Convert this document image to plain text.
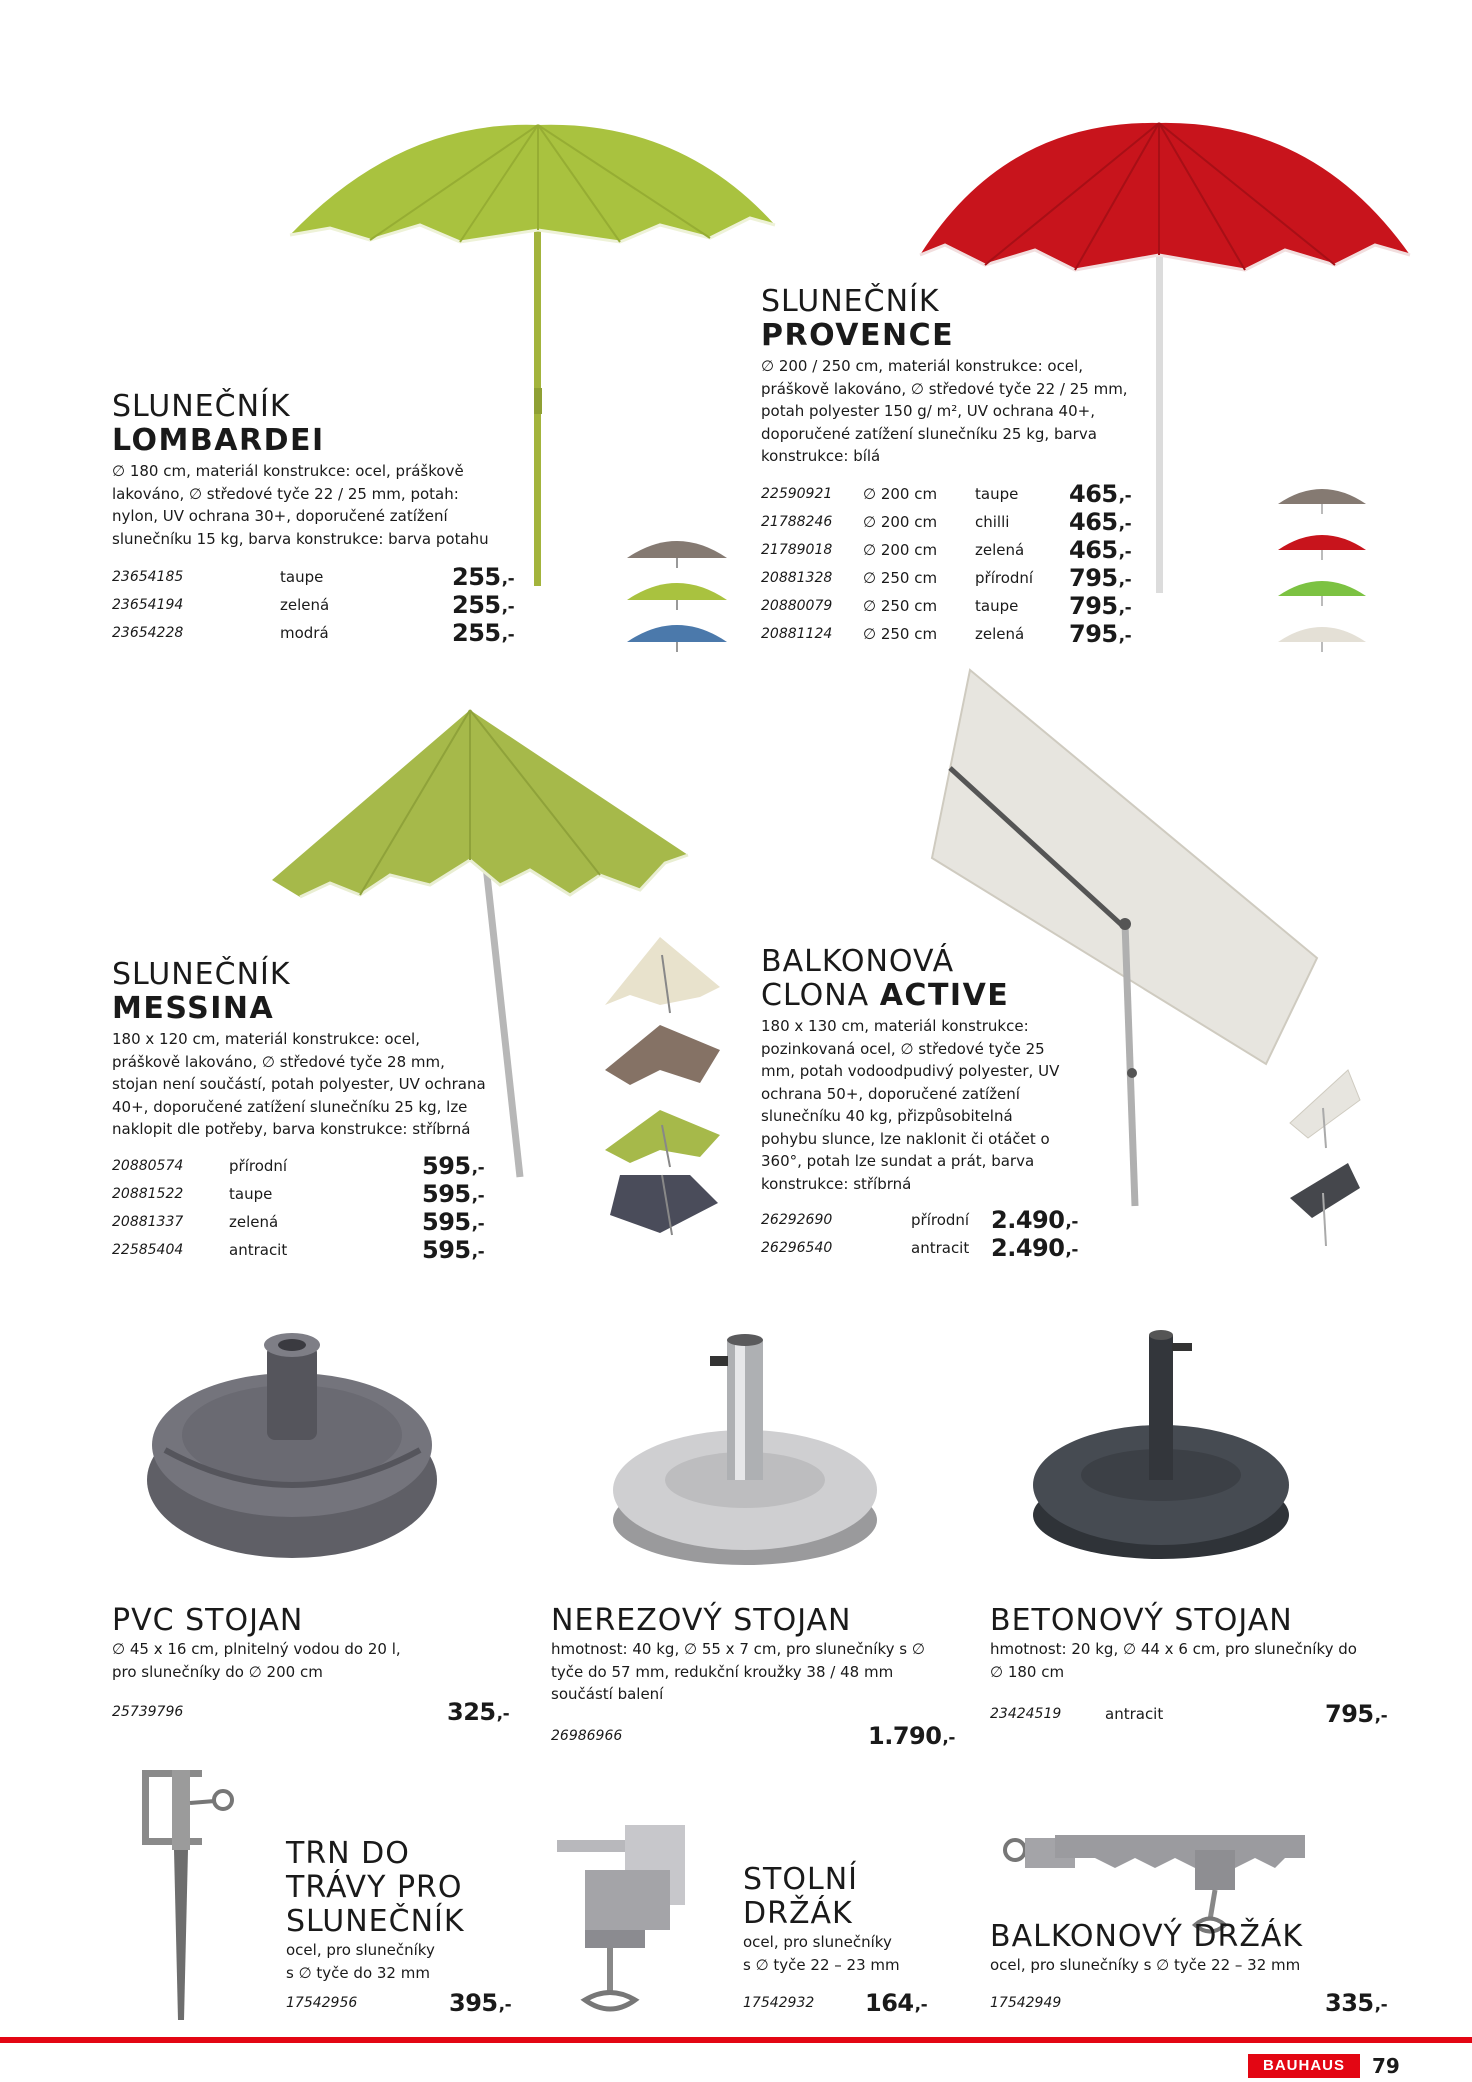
SLUNEČNÍK
LOMBARDEI
∅ 180 cm, materiál konstrukce: ocel, práškově lakováno, ∅ středové tyče 22 / 25 mm, potah: nylon, UV ochrana 30+, doporučené zatížení slunečníku 15 kg, barva konstrukce: barva potahu
23654185	taupe	255 ,-
23654194	zelená	255 ,-
23654228	modrá	255 ,-
SLUNEČNÍK
PROVENCE
∅ 200 / 250 cm, materiál konstrukce: ocel, práškově lakováno, ∅ středové tyče 22 / 25 mm, potah polyester 150 g/ m², UV ochrana 40+, doporučené zatížení slunečníku 25 kg, barva konstrukce: bílá
22590921 ∅ 200 cm	taupe 465 ,-
21788246 ∅ 200 cm	chilli 465 ,-
21789018 ∅ 200 cm	zelená 465 ,-
20881328 ∅ 250 cm	přírodní 795 ,-
20880079 ∅ 250 cm	taupe 795 ,-
20881124 ∅ 250 cm	zelená 795 ,-
SLUNEČNÍK
MESSINA
180 x 120 cm, materiál konstrukce: ocel, práškově lakováno, ∅ středové tyče 28 mm, stojan není součástí, potah polyester, UV ochrana 40+, doporučené zatížení slunečníku 25 kg, lze naklopit dle potřeby, barva konstrukce: stříbrná
20880574	přírodní	595 ,-
20881522	taupe	595 ,-
20881337	zelená	595 ,-
22585404	antracit	595 ,-
BALKONOVÁ
CLONA ACTIVE
180 x 130 cm, materiál konstrukce: pozinkovaná ocel, ∅ středové tyče 25 mm, potah vodoodpudivý polyester, UV ochrana 50+, doporučené zatížení slunečníku 40 kg, přizpůsobitelná pohybu slunce, lze naklonit či otáčet o 360°, potah lze sundat a prát, barva konstrukce: stříbrná
26292690	přírodní 2.490 ,-
26296540	antracit 2.490 ,-
PVC STOJAN
∅ 45 x 16 cm, plnitelný vodou do 20 l, pro slunečníky do ∅ 200 cm
25739796	325 ,-
NEREZOVÝ STOJAN
hmotnost: 40 kg, ∅ 55 x 7 cm, pro slunečníky s ∅ tyče do 57 mm, redukční kroužky 38 / 48 mm součástí balení
26986966	1.790 ,-
BETONOVÝ STOJAN
hmotnost: 20 kg, ∅ 44 x 6 cm, pro slunečníky do ∅ 180 cm
23424519	antracit	795 ,-
TRN DO
TRÁVY PRO
SLUNEČNÍK
ocel, pro slunečníky s ∅ tyče do 32 mm
17542956	395 ,-
STOLNÍ
DRŽÁK
ocel, pro slunečníky s ∅ tyče 22 – 23 mm
17542932 164 ,-
BALKONOVÝ DRŽÁK
ocel, pro slunečníky s ∅ tyče 22 – 32 mm
17542949	335 ,-
BAUHAUS	79
